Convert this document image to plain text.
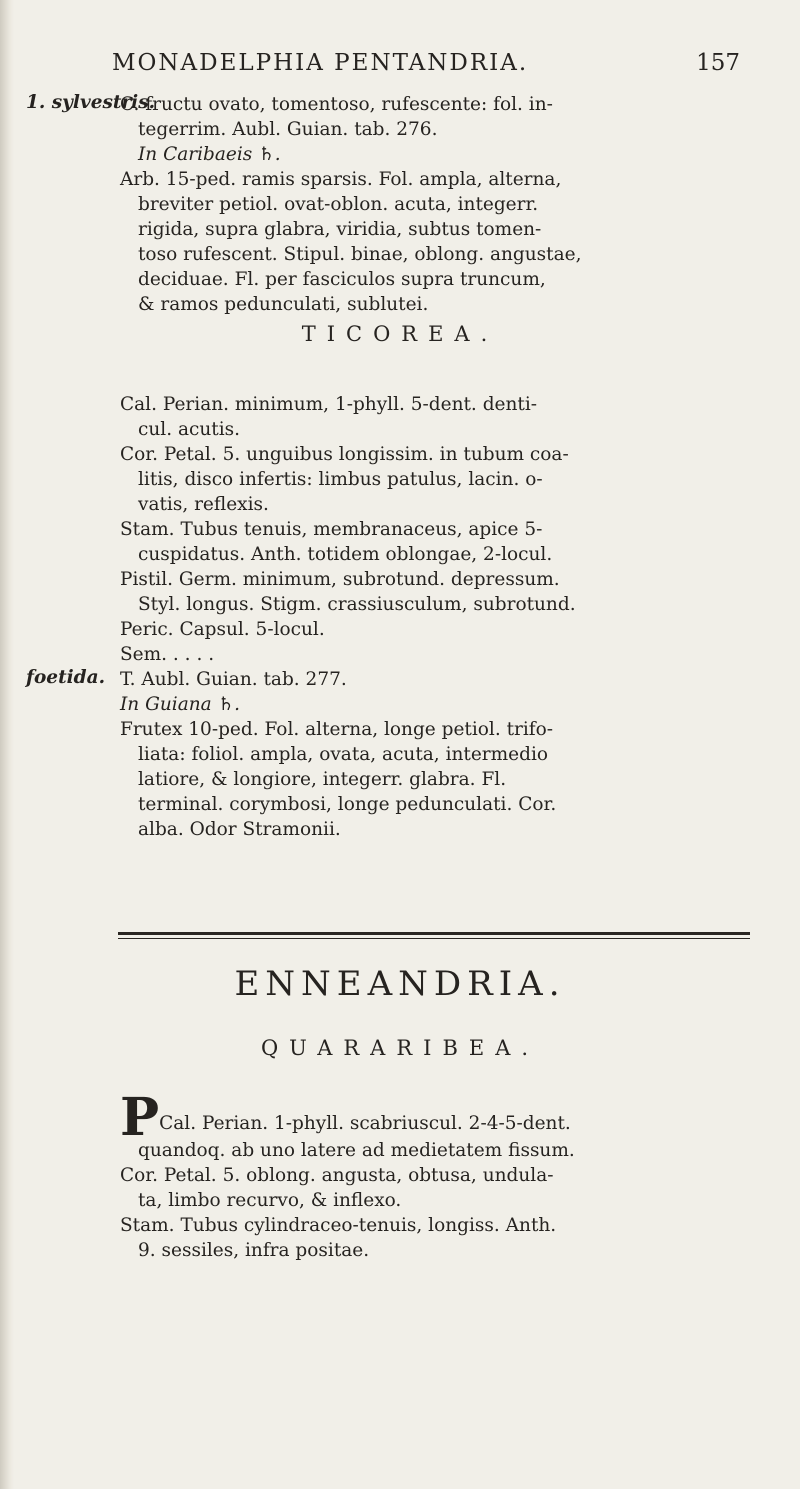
MONADELPHIA PENTANDRIA.	157
1. sylvestris.
C. fructu ovato, tomentoso, rufescente: fol. in-
tegerrim. Aubl. Guian. tab. 276.
In Caribaeis ♄.
Arb. 15-ped. ramis sparsis. Fol. ampla, alterna,
breviter petiol. ovat-oblon. acuta, integerr.
rigida, supra glabra, viridia, subtus tomen-
toso rufescent. Stipul. binae, oblong. angustae,
deciduae. Fl. per fasciculos supra truncum,
& ramos pedunculati, sublutei.
TICOREA.
Cal. Perian. minimum, 1-phyll. 5-dent. denti-
cul. acutis.
Cor. Petal. 5. unguibus longissim. in tubum coa-
litis, disco infertis: limbus patulus, lacin. o-
vatis, reflexis.
Stam. Tubus tenuis, membranaceus, apice 5-
cuspidatus. Anth. totidem oblongae, 2-locul.
Pistil. Germ. minimum, subrotund. depressum.
Styl. longus. Stigm. crassiusculum, subrotund.
Peric. Capsul. 5-locul.
Sem. . . . .
foetida. T. Aubl. Guian. tab. 277.
In Guiana ♄.
Frutex 10-ped. Fol. alterna, longe petiol. trifo-
liata: foliol. ampla, ovata, acuta, intermedio
latiore, & longiore, integerr. glabra. Fl.
terminal. corymbosi, longe pedunculati. Cor.
alba. Odor Stramonii.
ENNEANDRIA.
QUARARIBEA.
PCal. Perian. 1-phyll. scabriuscul. 2-4-5-dent.
quandoq. ab uno latere ad medietatem fissum.
Cor. Petal. 5. oblong. angusta, obtusa, undula-
ta, limbo recurvo, & inflexo.
Stam. Tubus cylindraceo-tenuis, longiss. Anth.
9. sessiles, infra positae.
